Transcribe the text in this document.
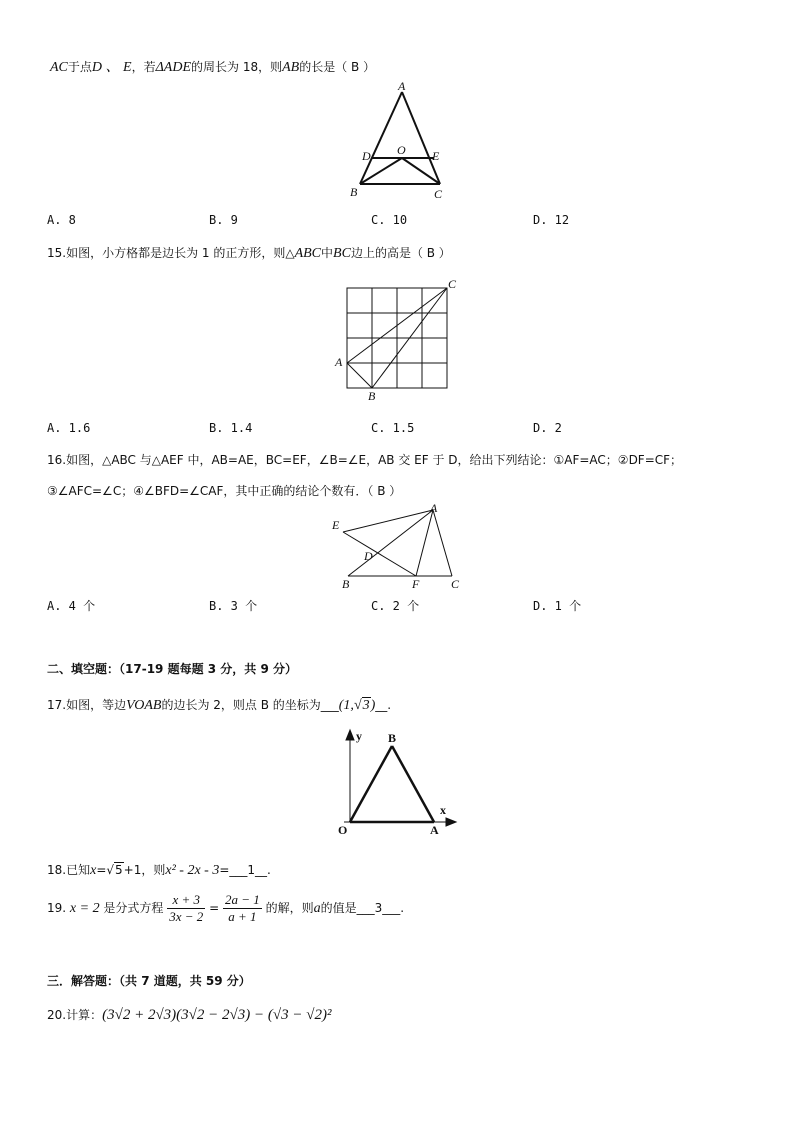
AC于点D 、 E，若ΔADE的周长为 18，则AB的长是（ B ）
A
B	C
D	E
O
A. 8	B. 9	C. 10	D. 12
15.如图，小方格都是边长为 1 的正方形，则△ABC中BC边上的高是（ B ）
A
B
C
A. 1.6	B. 1.4	C. 1.5	D. 2
16.如图，△ABC 与△AEF 中，AB=AE，BC=EF，∠B=∠E，AB 交 EF 于 D，给出下列结论：①AF=AC；②DF=CF；
③∠AFC=∠C；④∠BFD=∠CAF，其中正确的结论个数有．（ B ）
A
B	C
D
E
F
A. 4 个	B. 3 个	C. 2 个	D. 1 个
二、填空题：（17-19 题每题 3 分，共 9 分）
17.如图，等边VOAB的边长为 2，则点 B 的坐标为___(1,√3)__.
y
x
O	A
B
18.已知x=√5+1，则x² - 2x - 3=___1__.
19. x = 2 是分式方程 $\frac{x + 3}{3x - 2} = \frac{2a - 1}{a + 1}$ 的解，则a的值是___3___.
三．解答题：（共 7 道题，共 59 分）
20.计算：(3√2 + 2√3)(3√2 − 2√3) − (√3 − √2)²
